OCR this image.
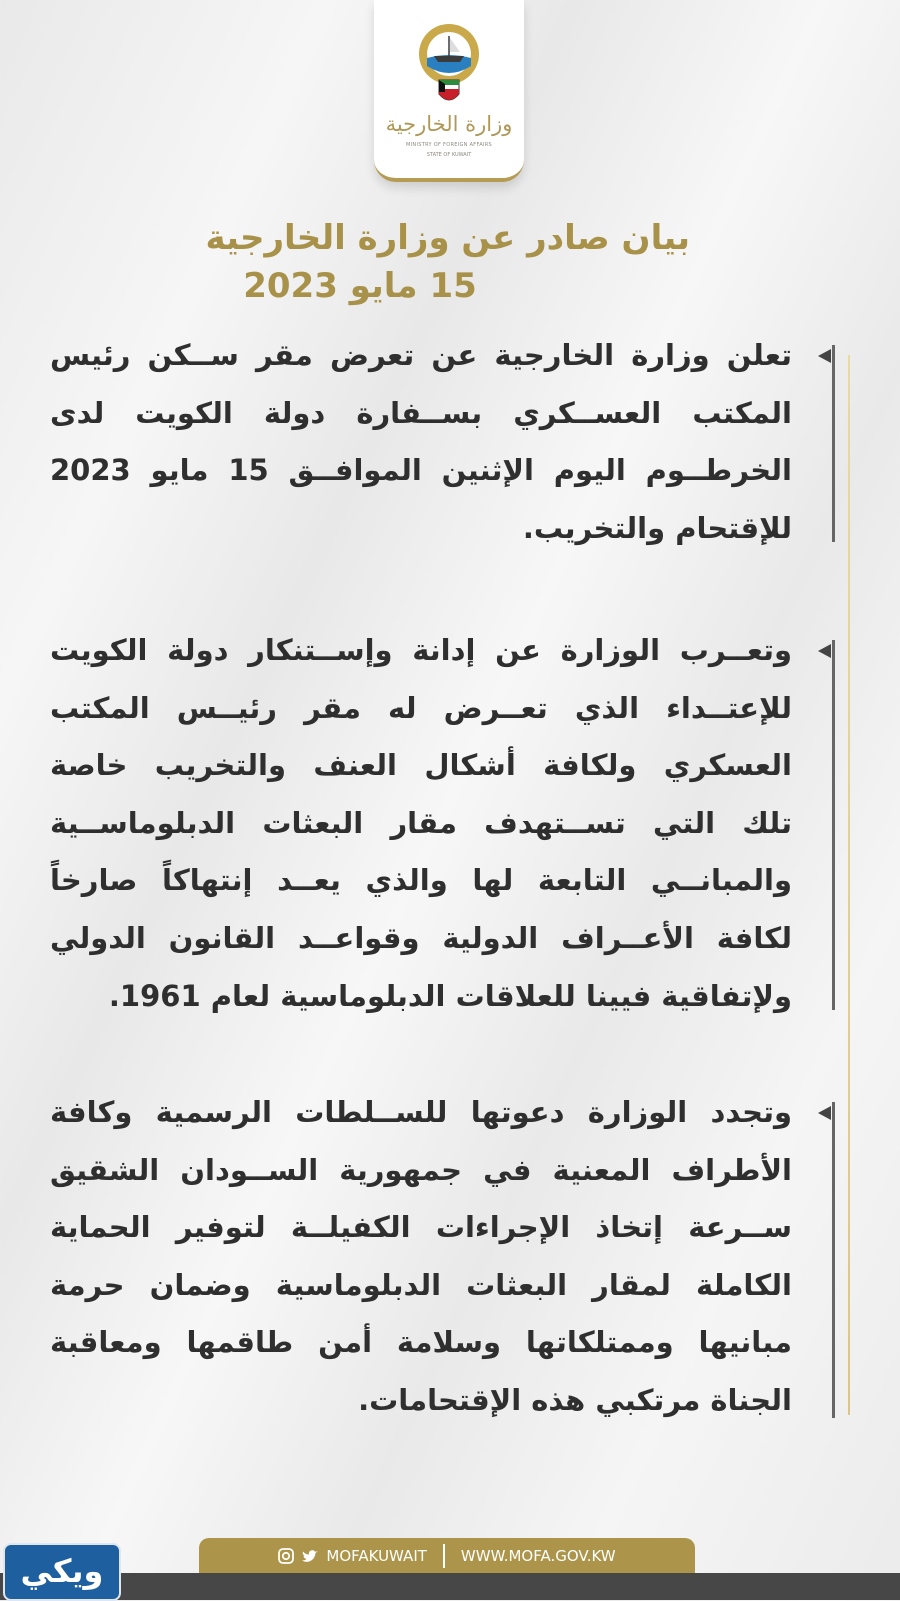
وزارة الخارجية
MINISTRY OF FOREIGN AFFAIRS
STATE OF KUWAIT
بيان صادر عن وزارة الخارجية
15 مايو 2023
تعلن وزارة الخارجية عن تعرض مقر ســكن رئيس
المكتب العســكري بســفارة دولة الكويت لدى
الخرطــوم اليوم الإثنين الموافــق 15 مايو 2023
للإقتحام والتخريب.
وتعــرب الوزارة عن إدانة وإســتنكار دولة الكويت
للإعتــداء الذي تعــرض له مقر رئيــس المكتب
العسكري ولكافة أشكال العنف والتخريب خاصة
تلك التي تســتهدف مقار البعثات الدبلوماســية
والمبانــي التابعة لها والذي يعــد إنتهاكاً صارخاً
لكافة الأعــراف الدولية وقواعــد القانون الدولي
ولإتفاقية فيينا للعلاقات الدبلوماسية لعام 1961.
وتجدد الوزارة دعوتها للســلطات الرسمية وكافة
الأطراف المعنية في جمهورية الســودان الشقيق
ســرعة إتخاذ الإجراءات الكفيلــة لتوفير الحماية
الكاملة لمقار البعثات الدبلوماسية وضمان حرمة
مبانيها وممتلكاتها وسلامة أمن طاقمها ومعاقبة
الجناة مرتكبي هذه الإقتحامات.
MOFAKUWAIT WWW.MOFA.GOV.KW
ويكي
